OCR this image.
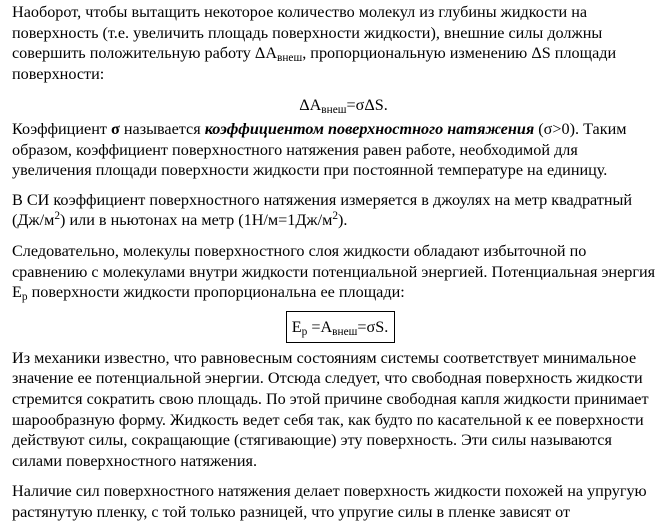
Наоборот, чтобы вытащить некоторое количество молекул из глубины жидкости на поверхность (т.е. увеличить площадь поверхности жидкости), внешние силы должны совершить положительную работу $\Delta A_{внеш}$, пропорциональную изменению ΔS площади поверхности:

$\Delta A_{внеш}=\sigma\Delta S$.

Коэффициент σ называется коэффициентом поверхностного натяжения (σ>0). Таким образом, коэффициент поверхностного натяжения равен работе, необходимой для увеличения площади поверхности жидкости при постоянной температуре на единицу.

В СИ коэффициент поверхностного натяжения измеряется в джоулях на метр квадратный $(Дж/м^2)$ или в ньютонах на метр $(1Н/м=1Дж/м^2)$.

Следовательно, молекулы поверхностного слоя жидкости обладают избыточной по сравнению с молекулами внутри жидкости потенциальной энергией. Потенциальная энергия $E_p$ поверхности жидкости пропорциональна ее площади:

$E_p =A_{внеш}=\sigma S$.

Из механики известно, что равновесным состояниям системы соответствует минимальное значение ее потенциальной энергии. Отсюда следует, что свободная поверхность жидкости стремится сократить свою площадь. По этой причине свободная капля жидкости принимает шарообразную форму. Жидкость ведет себя так, как будто по касательной к ее поверхности действуют силы, сокращающие (стягивающие) эту поверхность. Эти силы называются силами поверхностного натяжения.

Наличие сил поверхностного натяжения делает поверхность жидкости похожей на упругую растянутую пленку, с той только разницей, что упругие силы в пленке зависят от
